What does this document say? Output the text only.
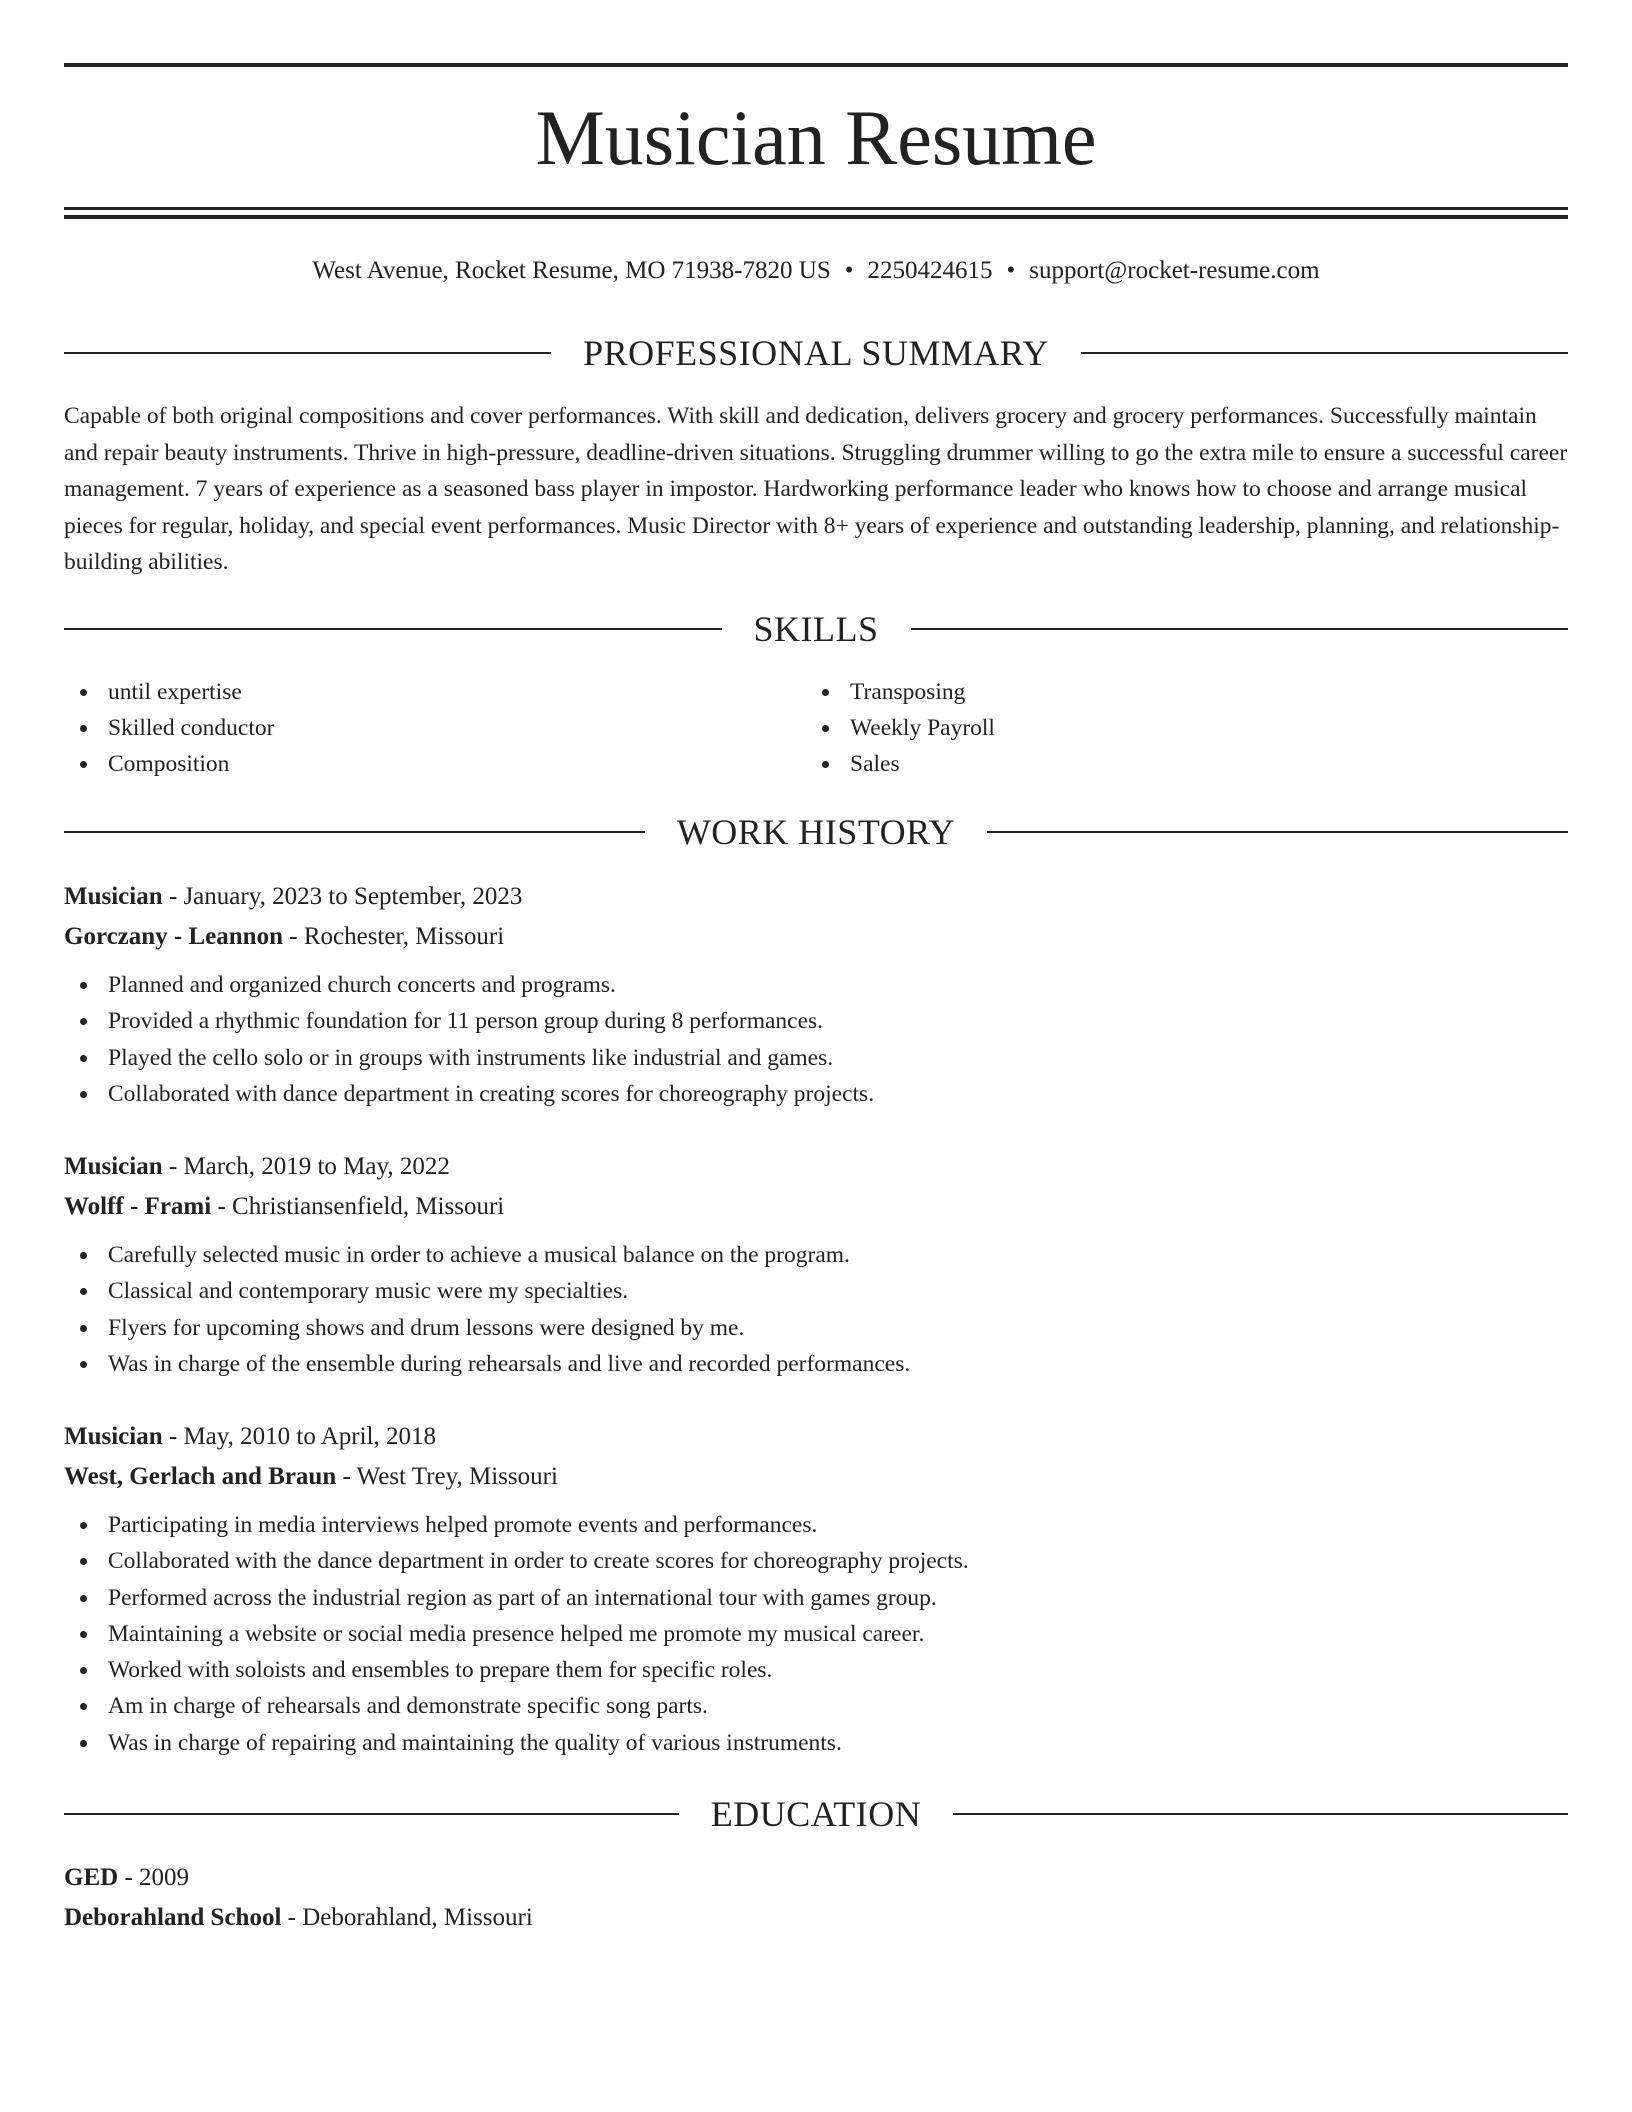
Musician Resume
West Avenue, Rocket Resume, MO 71938-7820 US • 2250424615 • support@rocket-resume.com
PROFESSIONAL SUMMARY

Capable of both original compositions and cover performances. With skill and dedication, delivers grocery and grocery performances. Successfully maintain and repair beauty instruments. Thrive in high-pressure, deadline-driven situations. Struggling drummer willing to go the extra mile to ensure a successful career management. 7 years of experience as a seasoned bass player in impostor. Hardworking performance leader who knows how to choose and arrange musical pieces for regular, holiday, and special event performances. Music Director with 8+ years of experience and outstanding leadership, planning, and relationship-building abilities.

SKILLS
until expertise
Skilled conductor
Composition
Transposing
Weekly Payroll
Sales
WORK HISTORY
Musician - January, 2023 to September, 2023
Gorczany - Leannon - Rochester, Missouri
Planned and organized church concerts and programs.
Provided a rhythmic foundation for 11 person group during 8 performances.
Played the cello solo or in groups with instruments like industrial and games.
Collaborated with dance department in creating scores for choreography projects.
Musician - March, 2019 to May, 2022
Wolff - Frami - Christiansenfield, Missouri
Carefully selected music in order to achieve a musical balance on the program.
Classical and contemporary music were my specialties.
Flyers for upcoming shows and drum lessons were designed by me.
Was in charge of the ensemble during rehearsals and live and recorded performances.
Musician - May, 2010 to April, 2018
West, Gerlach and Braun - West Trey, Missouri
Participating in media interviews helped promote events and performances.
Collaborated with the dance department in order to create scores for choreography projects.
Performed across the industrial region as part of an international tour with games group.
Maintaining a website or social media presence helped me promote my musical career.
Worked with soloists and ensembles to prepare them for specific roles.
Am in charge of rehearsals and demonstrate specific song parts.
Was in charge of repairing and maintaining the quality of various instruments.
EDUCATION
GED - 2009
Deborahland School - Deborahland, Missouri
